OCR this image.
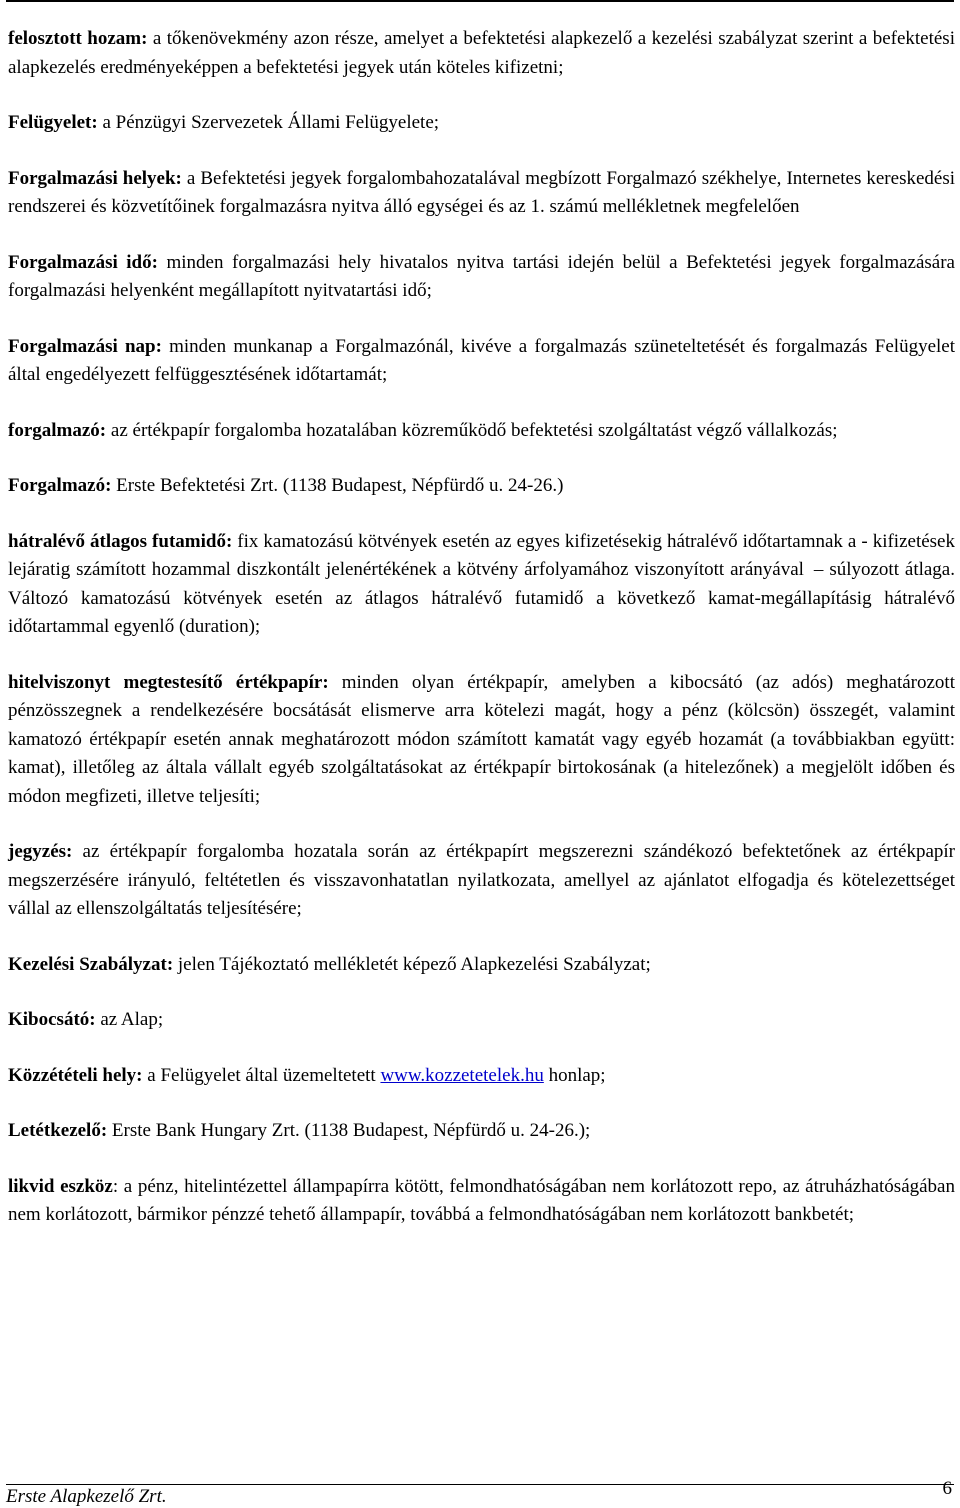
felosztott hozam: a tőkenövekmény azon része, amelyet a befektetési alapkezelő a kezelési szabályzat szerint a befektetési alapkezelés eredményeképpen a befektetési jegyek után köteles kifizetni;

Felügyelet: a Pénzügyi Szervezetek Állami Felügyelete;

Forgalmazási helyek: a Befektetési jegyek forgalombahozatalával megbízott Forgalmazó székhelye, Internetes kereskedési rendszerei és közvetítőinek forgalmazásra nyitva álló egységei és az 1. számú mellékletnek megfelelően

Forgalmazási idő: minden forgalmazási hely hivatalos nyitva tartási idején belül a Befektetési jegyek forgalmazására forgalmazási helyenként megállapított nyitvatartási idő;

Forgalmazási nap: minden munkanap a Forgalmazónál, kivéve a forgalmazás szüneteltetését és forgalmazás Felügyelet által engedélyezett felfüggesztésének időtartamát;

forgalmazó: az értékpapír forgalomba hozatalában közreműködő befektetési szolgáltatást végző vállalkozás;

Forgalmazó: Erste Befektetési Zrt. (1138 Budapest, Népfürdő u. 24-26.)

hátralévő átlagos futamidő: fix kamatozású kötvények esetén az egyes kifizetésekig hátralévő időtartamnak a - kifizetések lejáratig számított hozammal diszkontált jelenértékének a kötvény árfolyamához viszonyított arányával – súlyozott átlaga. Változó kamatozású kötvények esetén az átlagos hátralévő futamidő a következő kamat-megállapításig hátralévő időtartammal egyenlő (duration);

hitelviszonyt megtestesítő értékpapír: minden olyan értékpapír, amelyben a kibocsátó (az adós) meghatározott pénzösszegnek a rendelkezésére bocsátását elismerve arra kötelezi magát, hogy a pénz (kölcsön) összegét, valamint kamatozó értékpapír esetén annak meghatározott módon számított kamatát vagy egyéb hozamát (a továbbiakban együtt: kamat), illetőleg az általa vállalt egyéb szolgáltatásokat az értékpapír birtokosának (a hitelezőnek) a megjelölt időben és módon megfizeti, illetve teljesíti;

jegyzés: az értékpapír forgalomba hozatala során az értékpapírt megszerezni szándékozó befektetőnek az értékpapír megszerzésére irányuló, feltétetlen és visszavonhatatlan nyilatkozata, amellyel az ajánlatot elfogadja és kötelezettséget vállal az ellenszolgáltatás teljesítésére;

Kezelési Szabályzat: jelen Tájékoztató mellékletét képező Alapkezelési Szabályzat;

Kibocsátó: az Alap;

Közzétételi hely: a Felügyelet által üzemeltetett www.kozzetetelek.hu honlap;

Letétkezelő: Erste Bank Hungary Zrt. (1138 Budapest, Népfürdő u. 24-26.);

likvid eszköz: a pénz, hitelintézettel állampapírra kötött, felmondhatóságában nem korlátozott repo, az átruházhatóságában nem korlátozott, bármikor pénzzé tehető állampapír, továbbá a felmondhatóságában nem korlátozott bankbetét;

Erste Alapkezelő Zrt.	6
